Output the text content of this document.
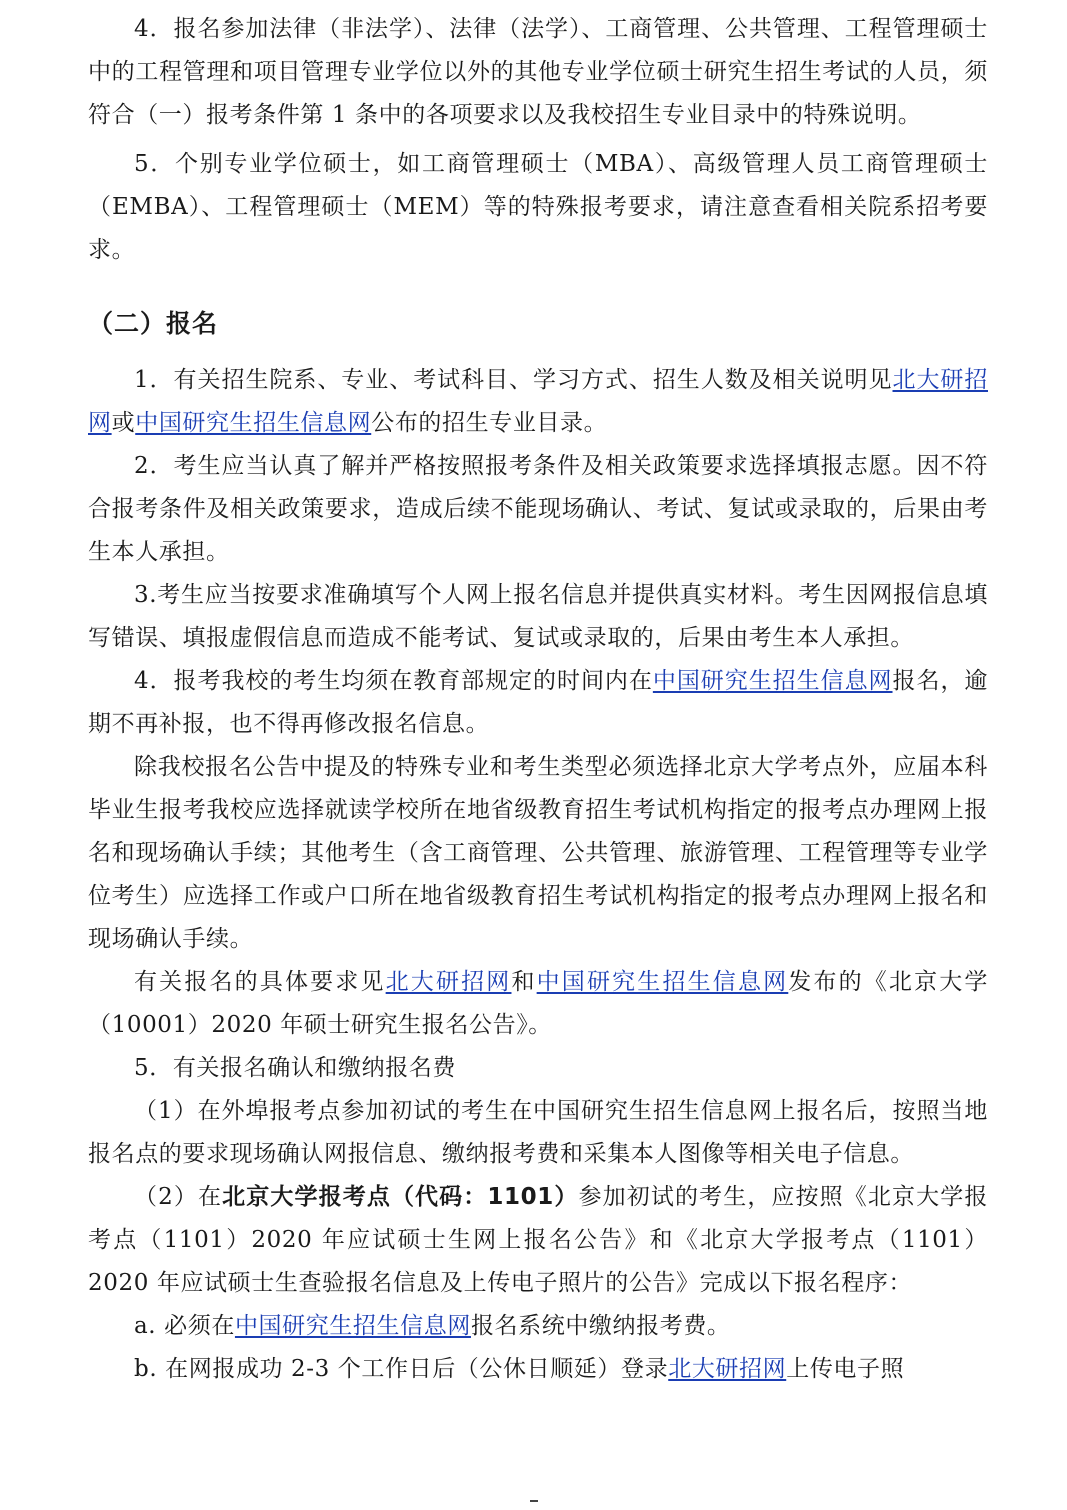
4．报名参加法律（非法学）、法律（法学）、工商管理、公共管理、工程管理硕士中的工程管理和项目管理专业学位以外的其他专业学位硕士研究生招生考试的人员，须符合（一）报考条件第 1 条中的各项要求以及我校招生专业目录中的特殊说明。

5．个别专业学位硕士，如工商管理硕士（MBA）、高级管理人员工商管理硕士（EMBA）、工程管理硕士（MEM）等的特殊报考要求，请注意查看相关院系招考要求。

（二）报名

1．有关招生院系、专业、考试科目、学习方式、招生人数及相关说明见北大研招网或中国研究生招生信息网公布的招生专业目录。

2．考生应当认真了解并严格按照报考条件及相关政策要求选择填报志愿。因不符合报考条件及相关政策要求，造成后续不能现场确认、考试、复试或录取的，后果由考生本人承担。

3.考生应当按要求准确填写个人网上报名信息并提供真实材料。考生因网报信息填写错误、填报虚假信息而造成不能考试、复试或录取的，后果由考生本人承担。

4．报考我校的考生均须在教育部规定的时间内在中国研究生招生信息网报名，逾期不再补报，也不得再修改报名信息。

除我校报名公告中提及的特殊专业和考生类型必须选择北京大学考点外，应届本科毕业生报考我校应选择就读学校所在地省级教育招生考试机构指定的报考点办理网上报名和现场确认手续；其他考生（含工商管理、公共管理、旅游管理、工程管理等专业学位考生）应选择工作或户口所在地省级教育招生考试机构指定的报考点办理网上报名和现场确认手续。

有关报名的具体要求见北大研招网和中国研究生招生信息网发布的《北京大学（10001）2020 年硕士研究生报名公告》。

5．有关报名确认和缴纳报名费

（1）在外埠报考点参加初试的考生在中国研究生招生信息网上报名后，按照当地报名点的要求现场确认网报信息、缴纳报考费和采集本人图像等相关电子信息。

（2）在北京大学报考点（代码：1101）参加初试的考生，应按照《北京大学报考点（1101）2020 年应试硕士生网上报名公告》和《北京大学报考点（1101）2020 年应试硕士生查验报名信息及上传电子照片的公告》完成以下报名程序：

a. 必须在中国研究生招生信息网报名系统中缴纳报考费。

b. 在网报成功 2-3 个工作日后（公休日顺延）登录北大研招网上传电子照
